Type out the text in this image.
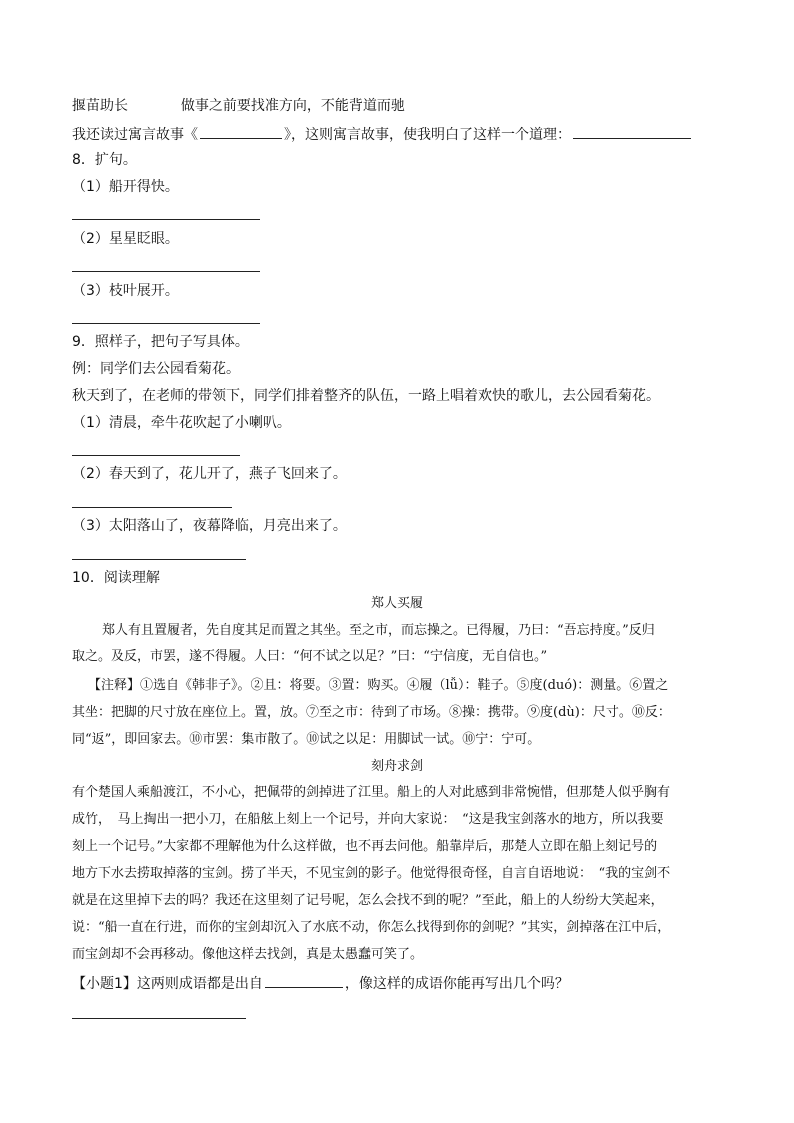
揠苗助长	做事之前要找准方向，不能背道而驰
我还读过寓言故事《	》，这则寓言故事，使我明白了这样一个道理：
8．扩句。
（1）船开得快。
（2）星星眨眼。
（3）枝叶展开。
9．照样子，把句子写具体。
例：同学们去公园看菊花。
秋天到了，在老师的带领下，同学们排着整齐的队伍，一路上唱着欢快的歌儿，去公园看菊花。
（1）清晨，牵牛花吹起了小喇叭。
（2）春天到了，花儿开了，燕子飞回来了。
（3）太阳落山了，夜幕降临，月亮出来了。
10．阅读理解
郑人买履
郑人有且置履者，先自度其足而置之其坐。至之市，而忘操之。已得履，乃曰：“吾忘持度。”反归
取之。及反，市罢，遂不得履。人曰：“何不试之以足？”曰：“宁信度，无自信也。”
【注释】①选自《韩非子》。②且：将要。③置：购买。④履（lǚ）：鞋子。⑤度(duó)：测量。⑥置之
其坐：把脚的尺寸放在座位上。置，放。⑦至之市：待到了市场。⑧操：携带。⑨度(dù)：尺寸。⑩反：
同“返”，即回家去。⑩市罢：集市散了。⑩试之以足：用脚试一试。⑩宁：宁可。
刻舟求剑
有个楚国人乘船渡江，不小心，把佩带的剑掉进了江里。船上的人对此感到非常惋惜，但那楚人似乎胸有
成竹，　马上掏出一把小刀，在船舷上刻上一个记号，并向大家说：　“这是我宝剑落水的地方，所以我要
刻上一个记号。”大家都不理解他为什么这样做，也不再去问他。船靠岸后，那楚人立即在船上刻记号的
地方下水去捞取掉落的宝剑。捞了半天，不见宝剑的影子。他觉得很奇怪，自言自语地说：　“我的宝剑不
就是在这里掉下去的吗？我还在这里刻了记号呢，怎么会找不到的呢？”至此，船上的人纷纷大笑起来，
说：“船一直在行进，而你的宝剑却沉入了水底不动，你怎么找得到你的剑呢？”其实，剑掉落在江中后，
而宝剑却不会再移动。像他这样去找剑，真是太愚蠢可笑了。
【小题1】这两则成语都是出自	，像这样的成语你能再写出几个吗？
